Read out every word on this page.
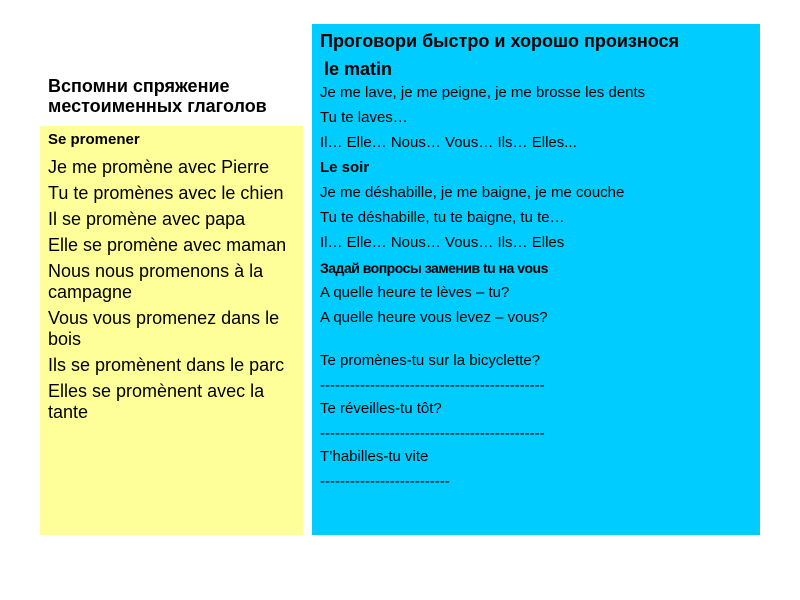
Вспомни спряжение местоименных глаголов
Se promener
Je me promène avec Pierre
Tu te promènes avec le chien
Il se promène avec papa
Elle se promène avec maman
Nous nous promenons à la campagne
Vous vous promenez dans le bois
Ils se promènent dans le parc
Elles se promènent avec la tante
Проговори быстро и хорошо произнося
le matin
Je me lave, je me peigne, je me brosse les dents
Tu te laves…
Il… Elle… Nous… Vous… Ils… Elles...
Le soir
Je me déshabille, je me baigne, je me couche
Tu te déshabille, tu te baigne, tu te…
Il… Elle… Nous… Vous… Ils… Elles
Задай вопросы заменив tu на vous
A quelle heure te lèves – tu?
A quelle heure vous levez – vous?
Te promènes-tu sur la bicyclette?
---------------------------------------------
Te réveilles-tu tôt?
---------------------------------------------
T’habilles-tu vite
--------------------------
